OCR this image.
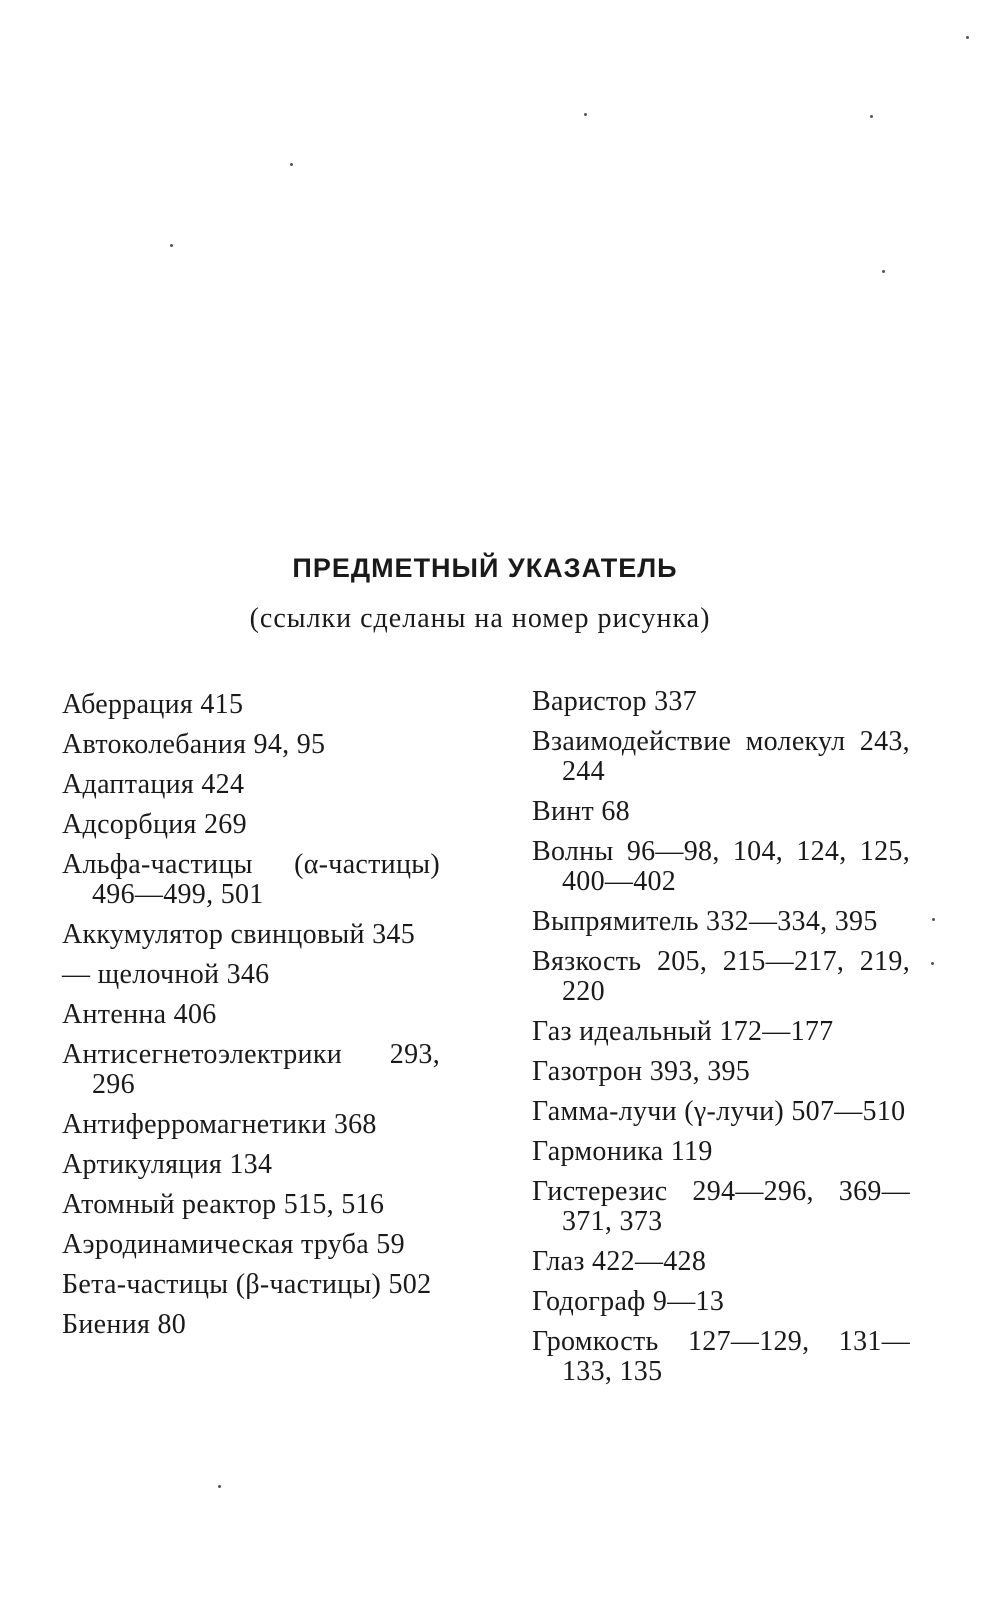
ПРЕДМЕТНЫЙ УКАЗАТЕЛЬ

(ссылки сделаны на номер рисунка)

Аберрация 415
Автоколебания 94, 95
Адаптация 424
Адсорбция 269
Альфа-частицы (α-частицы) 496—499, 501
Аккумулятор свинцовый 345
— щелочной 346
Антенна 406
Антисегнетоэлектрики 293, 296
Антиферромагнетики 368
Артикуляция 134
Атомный реактор 515, 516
Аэродинамическая труба 59
Бета-частицы (β-частицы) 502
Биения 80
Варистор 337
Взаимодействие молекул 243, 244
Винт 68
Волны 96—98, 104, 124, 125, 400—402
Выпрямитель 332—334, 395
Вязкость 205, 215—217, 219, 220
Газ идеальный 172—177
Газотрон 393, 395
Гамма-лучи (γ-лучи) 507—510
Гармоника 119
Гистерезис 294—296, 369—371, 373
Глаз 422—428
Годограф 9—13
Громкость 127—129, 131—133, 135
